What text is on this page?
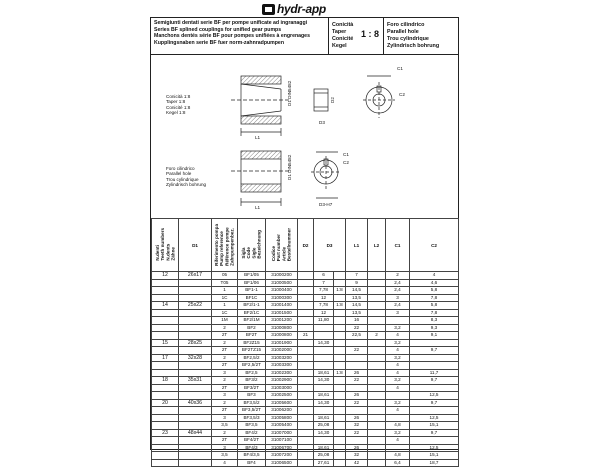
hydr-app
Semigiunti dentati serie BF per pompe unificate ad ingranaggi
Series BF splined couplings for unified gear pumps
Manchons dentés série BF pour pompes unifiées à engrenages
Kupplingsnaben serie BF fuer norm-zahnradpumpen
Conicità
Taper
Conicité
Kegel
1 : 8
Foro cilindrico
Parallel hole
Trou cylindrique
Zylindrisch bohrung
Conicità 1:8
Taper 1:8
Conicité 1:8
Kegel 1:8
Foro cilindrico
Parallel hole
Trou cylindrique
Zylindrisch bohrung
L1
L1
D1 DIN5482
D1 DIN5482
D2
D3
C2
C1
C1
C2
D3-H7
N.denti
Teeth numbers
N.dents
Zähne	D1	Riferimento pompa
Pump reference
Référence pompe
Zahnpumpenbez.	Sigla
Code
Sigle
Bezeichnung	Codice
Part number
Article
Bestellnummer	D2	D3		L1	L2	C1	C2
12	26x17	05	BF1/05	31000200		6		7		2	4
		T05	BF1/06	31000500		7		9		2,4	4,6
		1	BF1-1	31000400		7,78	1:8	14,5		2,4	5,8
		1C	BF1C	31000300		12		13,5		3	7,8
14	25x22	1	BF2/1-1	31001400		7,78	1:8	14,5		2,4	5,8
		1C	BF2/1C	31001500		12		13,5		3	7,8
		1M	BF2/1M	31001200		11,80		16			8,3
		2	BF2	31000800				22		3,2	9,3
		2T	BF2T	31000800	21			22,5	2	4	9,1
15	28x25	2	BF2Z15	31001900		14,30				3,2	
		2T	BF2TZ15	31002000				22		4	9,7
17	32x28	2	BF2,5/2	31003200						3,2	
		2T	BF2,5/2T	31003300						4	
		3	BF2,5	31002300		18,61	1:8	26		4	11,7
18	35x31	2	BF3/2	31002900		14,30		22		3,2	9,7
		2T	BF3/2T	31003000						4	
		3	BF3	31002500		18,61		26			12,5
20	40x36	2	BF3,5/2	31005600		14,30		22		3,2	9,7
		2T	BF3,5/2T	31006200						4	
		3	BF3,5/3	31005800		18,61		26			12,5
		3,5	BF3,5	31005400		25,08		32		4,8	15,1
23	48x44	2	BF4/2	31007000		14,30		22		3,2	9,7
		2T	BF4/2T	31007100						4	
		3	BF4/3	31006700		18,61		26			12,5
		3,5	BF4/3,5	31007200		25,08		32		4,8	15,1
		4	BF4	31006500		27,61		42		6,4	18,7
